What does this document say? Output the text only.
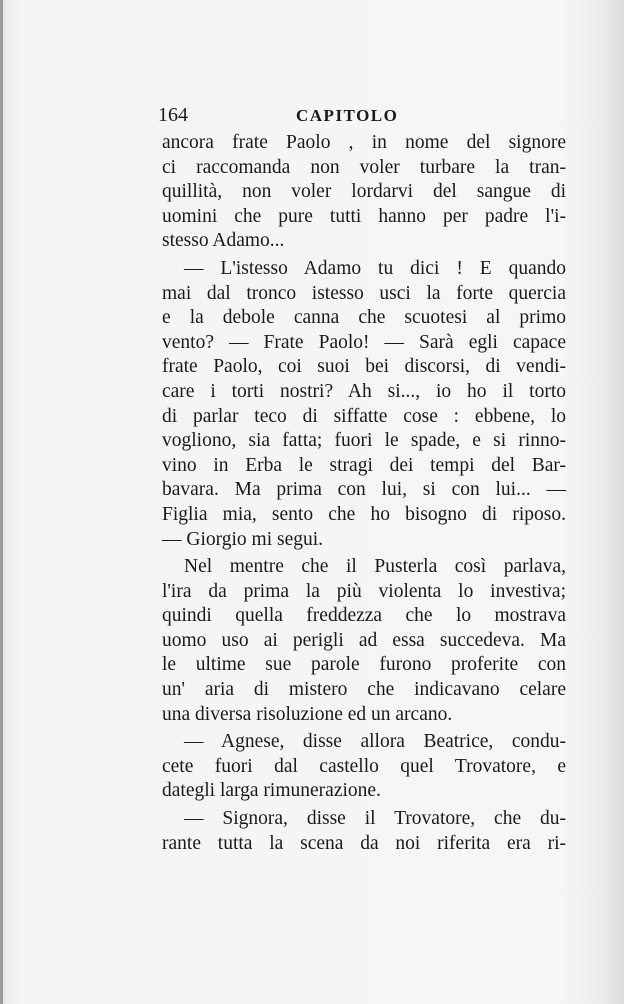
164	CAPITOLO
ancora frate Paolo , in nome del signore
ci raccomanda non voler turbare la tran-
quillità, non voler lordarvi del sangue di
uomini che pure tutti hanno per padre l'i-
stesso Adamo...
— L'istesso Adamo tu dici ! E quando
mai dal tronco istesso usci la forte quercia
e la debole canna che scuotesi al primo
vento? — Frate Paolo! — Sarà egli capace
frate Paolo, coi suoi bei discorsi, di vendi-
care i torti nostri? Ah si..., io ho il torto
di parlar teco di siffatte cose : ebbene, lo
vogliono, sia fatta; fuori le spade, e si rinno-
vino in Erba le stragi dei tempi del Bar-
bavara. Ma prima con lui, si con lui... —
Figlia mia, sento che ho bisogno di riposo.
— Giorgio mi segui.
Nel mentre che il Pusterla così parlava,
l'ira da prima la più violenta lo investiva;
quindi quella freddezza che lo mostrava
uomo uso ai perigli ad essa succedeva. Ma
le ultime sue parole furono proferite con
un' aria di mistero che indicavano celare
una diversa risoluzione ed un arcano.
— Agnese, disse allora Beatrice, condu-
cete fuori dal castello quel Trovatore, e
dategli larga rimunerazione.
— Signora, disse il Trovatore, che du-
rante tutta la scena da noi riferita era ri-
